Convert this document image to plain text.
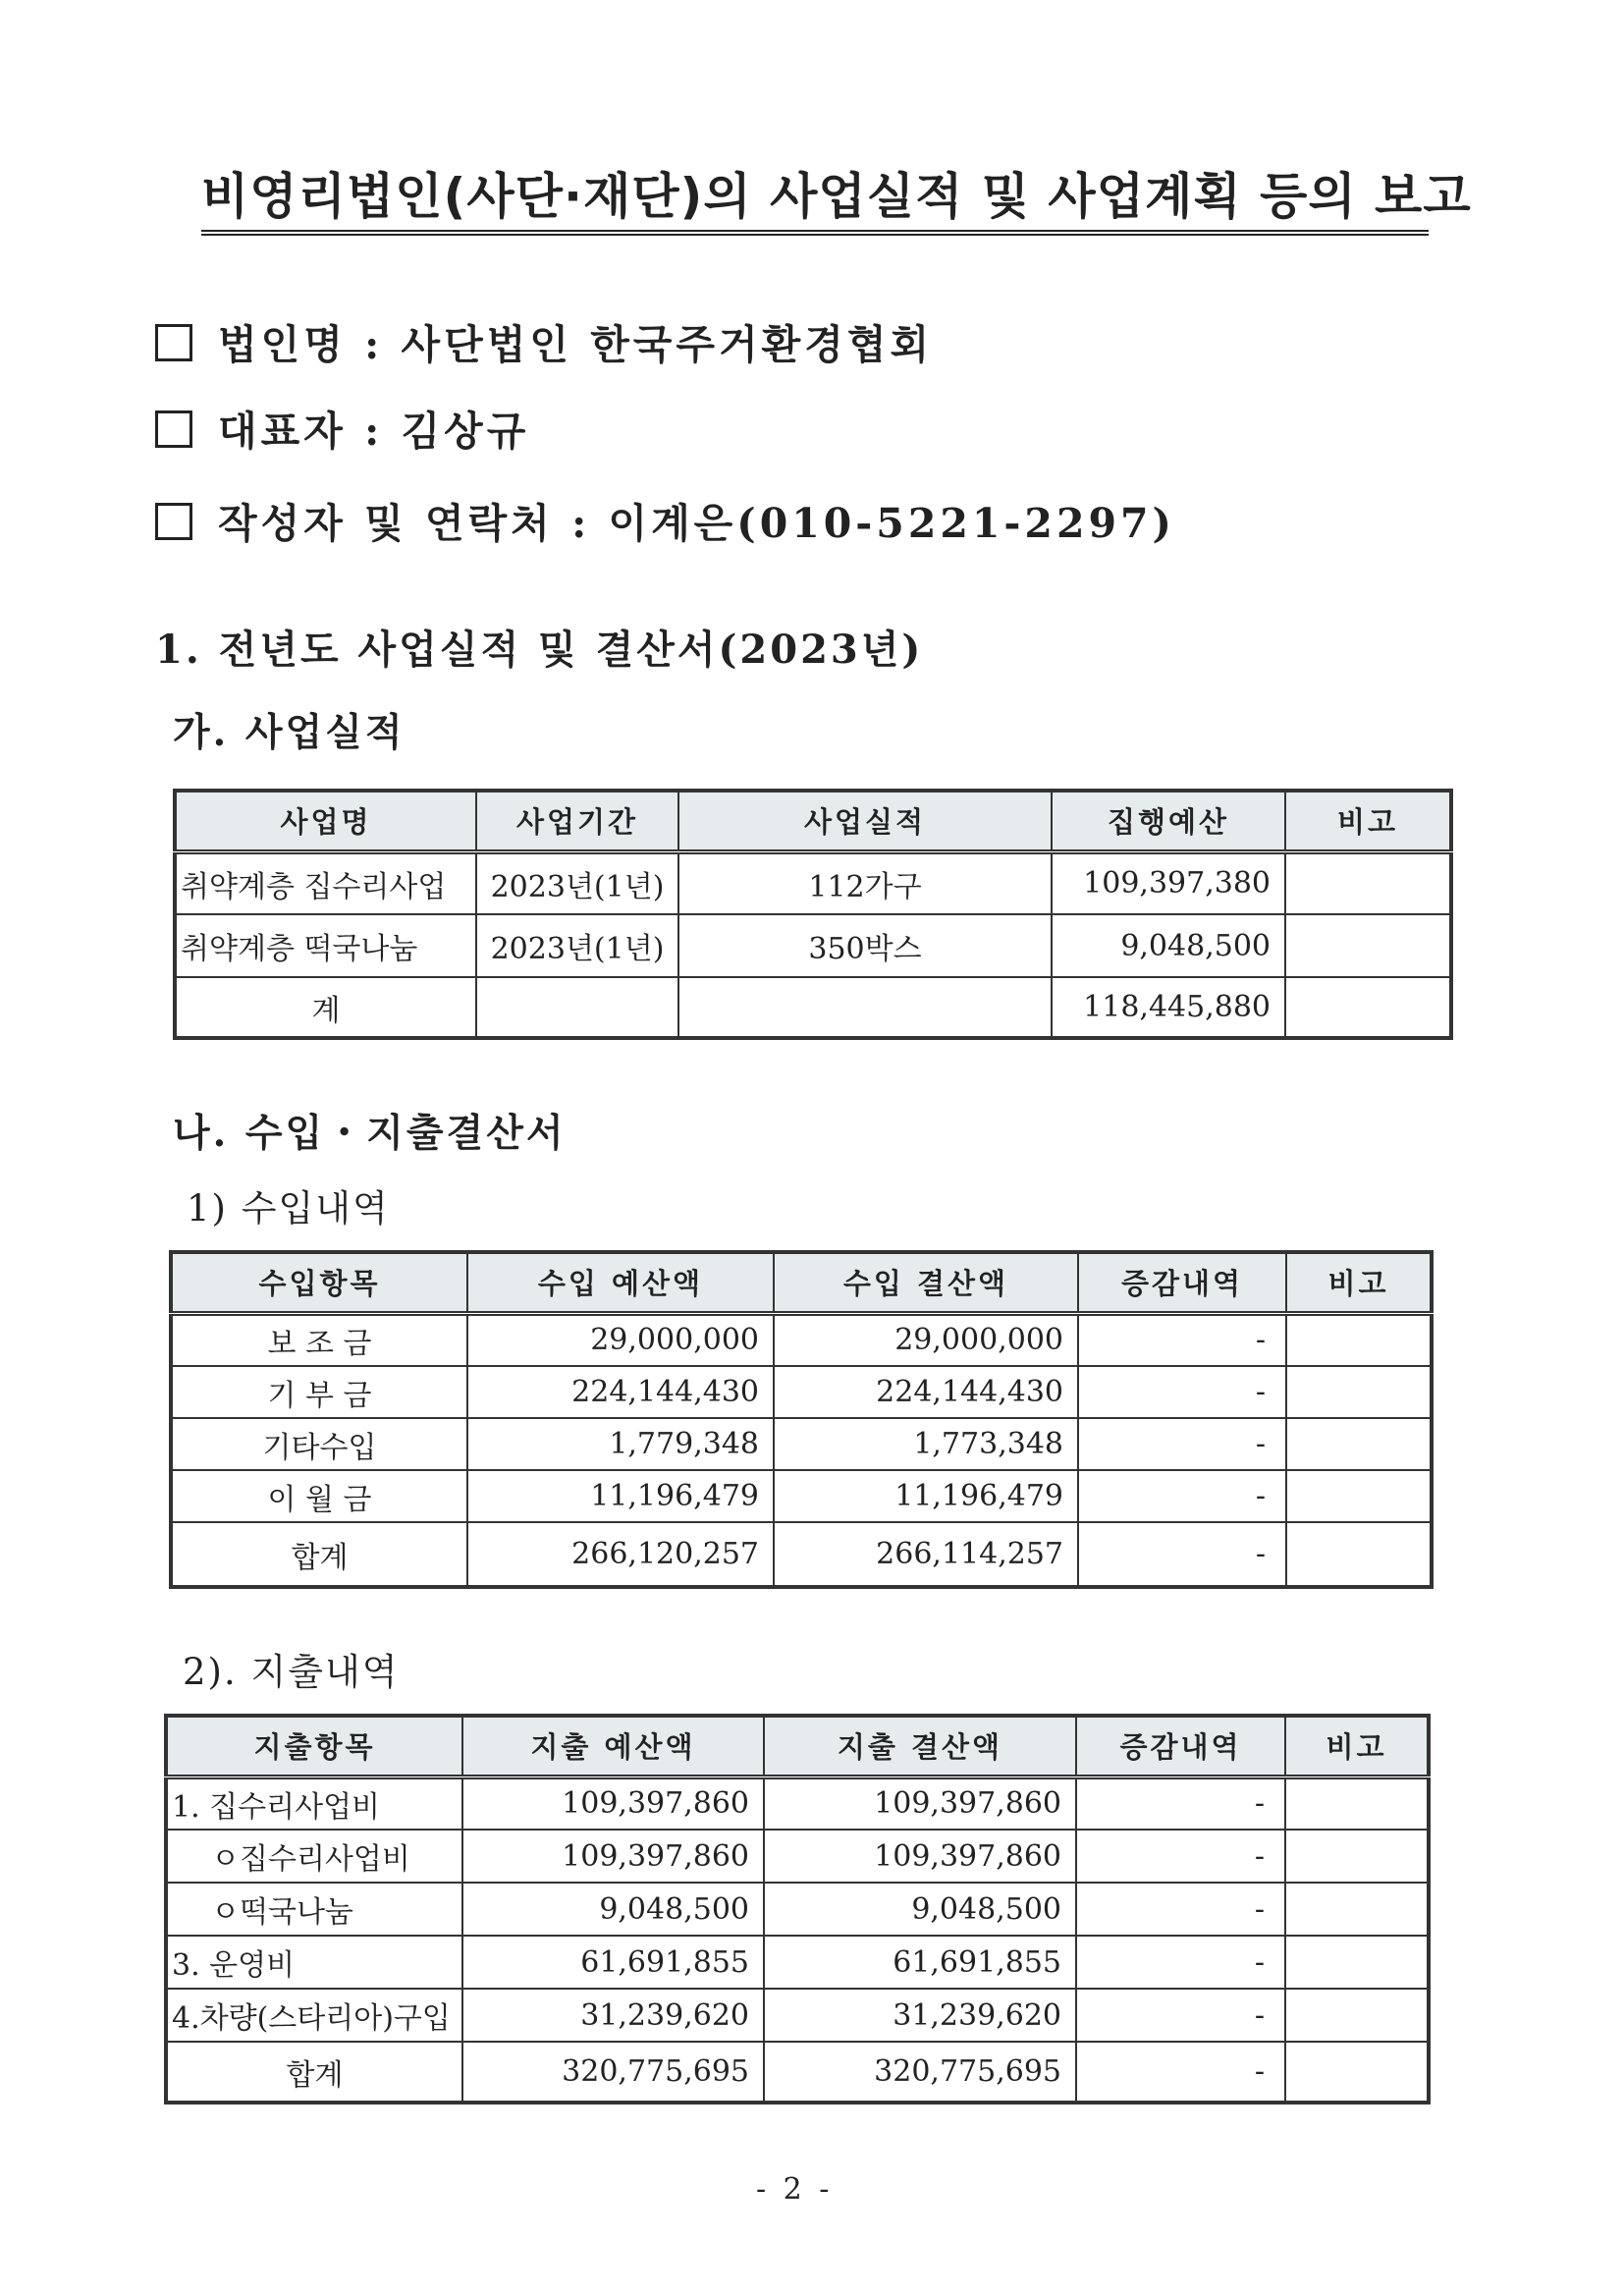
비영리법인(사단·재단)의 사업실적 및 사업계획 등의 보고
법인명 : 사단법인 한국주거환경협회
대표자 : 김상규
작성자 및 연락처 : 이계은(010-5221-2297)
1. 전년도 사업실적 및 결산서(2023년)
가. 사업실적
사업명	사업기간	사업실적	집행예산	비고
취약계층 집수리사업	2023년(1년)	112가구	109,397,380	
취약계층 떡국나눔	2023년(1년)	350박스	9,048,500	
계			118,445,880	
나. 수입・지출결산서
1) 수입내역
수입항목	수입 예산액	수입 결산액	증감내역	비고
보 조 금	29,000,000	29,000,000	-	
기 부 금	224,144,430	224,144,430	-	
기타수입	1,779,348	1,773,348	-	
이 월 금	11,196,479	11,196,479	-	
합계	266,120,257	266,114,257	-	
2). 지출내역
지출항목	지출 예산액	지출 결산액	증감내역	비고
1. 집수리사업비	109,397,860	109,397,860	-	
ㅇ집수리사업비	109,397,860	109,397,860	-	
ㅇ떡국나눔	9,048,500	9,048,500	-	
3. 운영비	61,691,855	61,691,855	-	
4.차량(스타리아)구입	31,239,620	31,239,620	-	
합계	320,775,695	320,775,695	-	
- 2 -
